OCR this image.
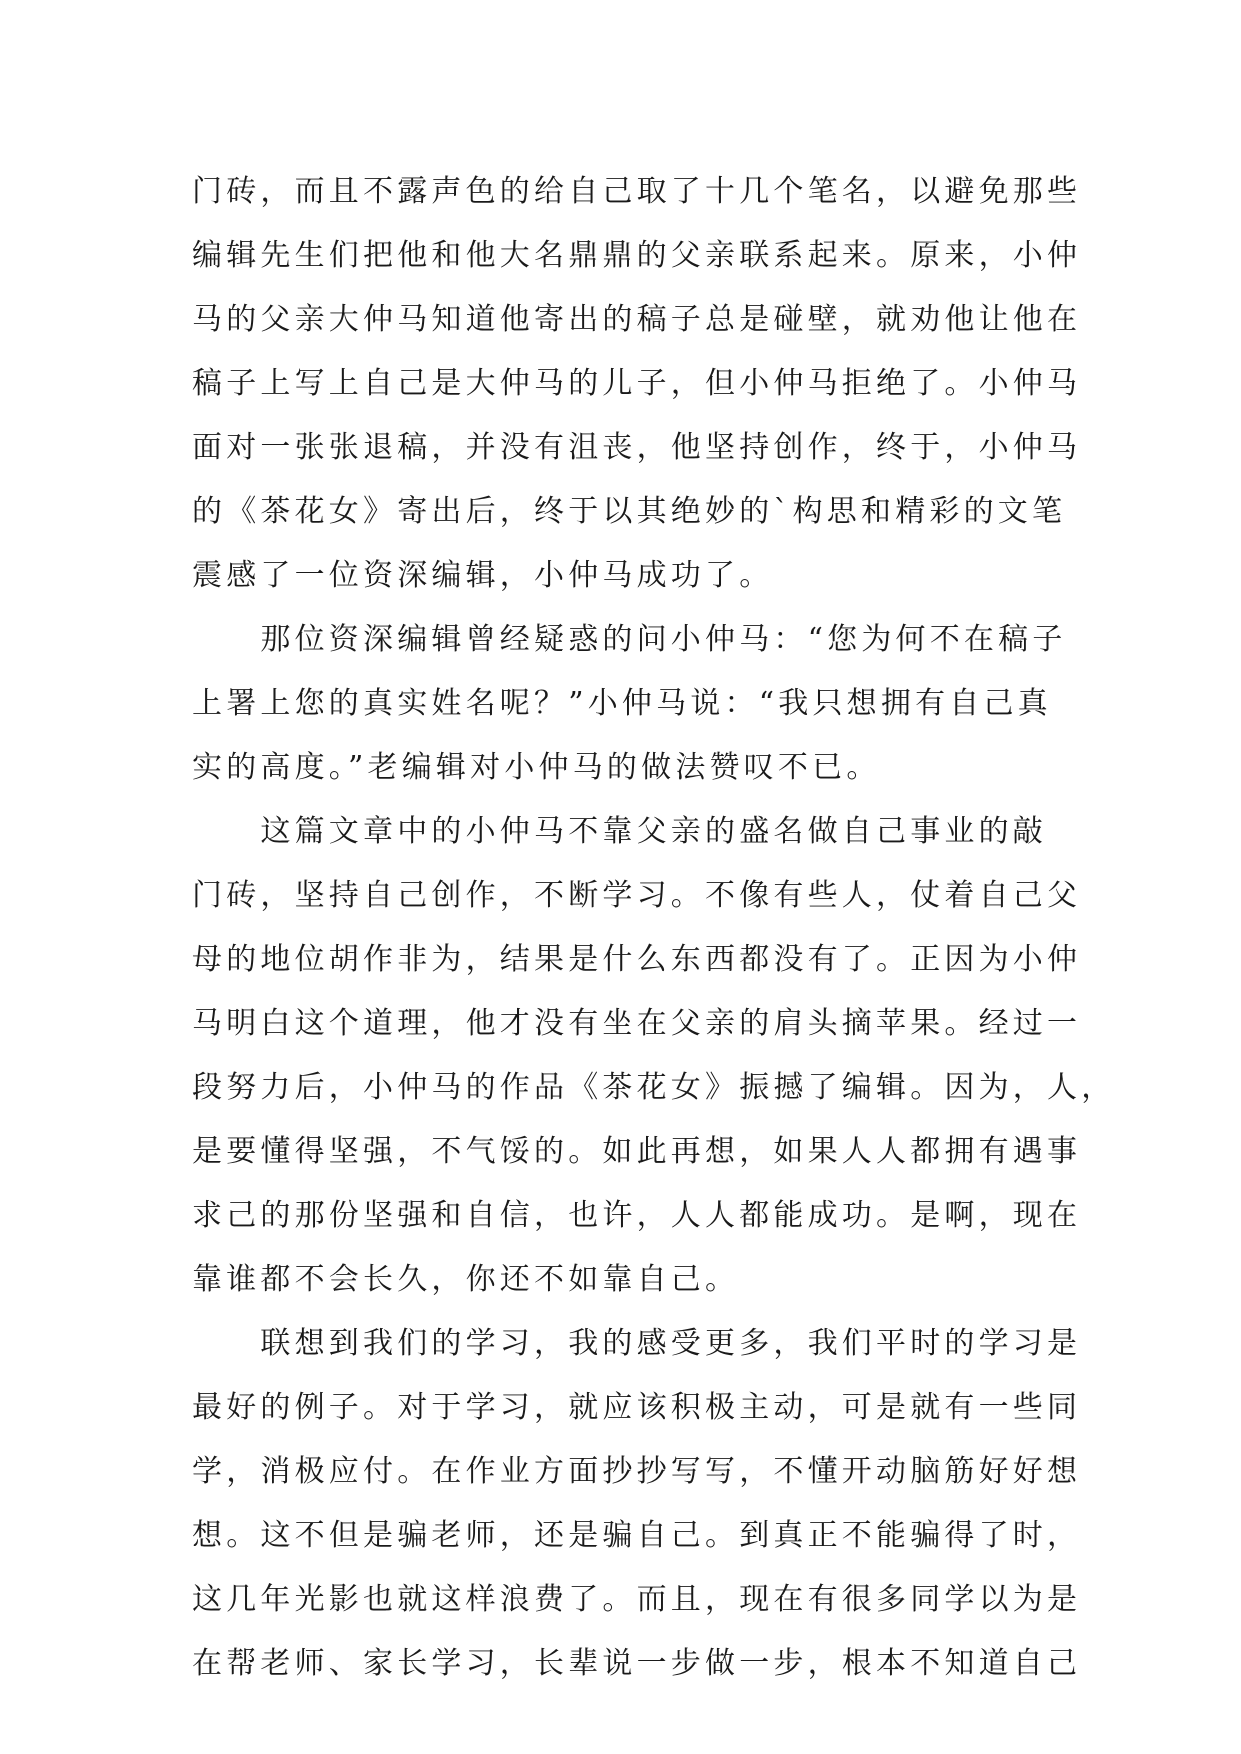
门砖，而且不露声色的给自己取了十几个笔名，以避免那些
编辑先生们把他和他大名鼎鼎的父亲联系起来。原来，小仲
马的父亲大仲马知道他寄出的稿子总是碰壁，就劝他让他在
稿子上写上自己是大仲马的儿子，但小仲马拒绝了。小仲马
面对一张张退稿，并没有沮丧，他坚持创作，终于，小仲马
的《茶花女》寄出后，终于以其绝妙的`构思和精彩的文笔
震感了一位资深编辑，小仲马成功了。
　　那位资深编辑曾经疑惑的问小仲马：“您为何不在稿子
上署上您的真实姓名呢？”小仲马说：“我只想拥有自己真
实的高度。”老编辑对小仲马的做法赞叹不已。
　　这篇文章中的小仲马不靠父亲的盛名做自己事业的敲
门砖，坚持自己创作，不断学习。不像有些人，仗着自己父
母的地位胡作非为，结果是什么东西都没有了。正因为小仲
马明白这个道理，他才没有坐在父亲的肩头摘苹果。经过一
段努力后，小仲马的作品《茶花女》振撼了编辑。因为，人，
是要懂得坚强，不气馁的。如此再想，如果人人都拥有遇事
求己的那份坚强和自信，也许，人人都能成功。是啊，现在
靠谁都不会长久，你还不如靠自己。
　　联想到我们的学习，我的感受更多，我们平时的学习是
最好的例子。对于学习，就应该积极主动，可是就有一些同
学，消极应付。在作业方面抄抄写写，不懂开动脑筋好好想
想。这不但是骗老师，还是骗自己。到真正不能骗得了时，
这几年光影也就这样浪费了。而且，现在有很多同学以为是
在帮老师、家长学习，长辈说一步做一步，根本不知道自己
